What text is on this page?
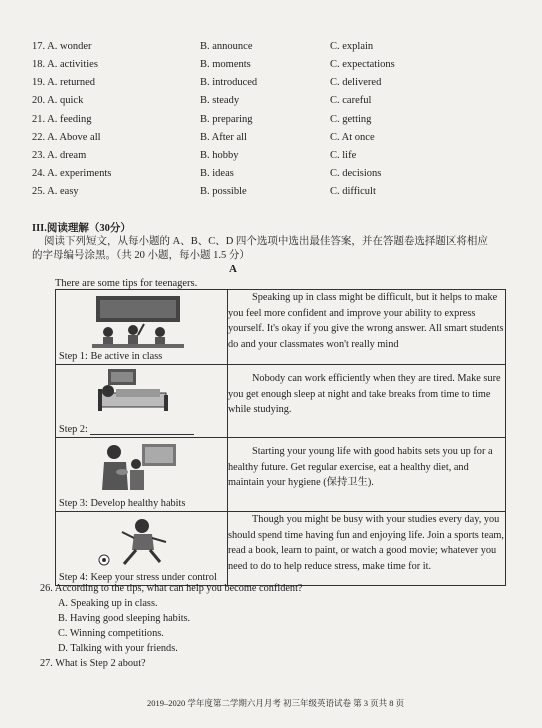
17. A. wonder	B. announce	C. explain
18. A. activities	B. moments	C. expectations
19. A. returned	B. introduced	C. delivered
20. A. quick	B. steady	C. careful
21. A. feeding	B. preparing	C. getting
22. A. Above all	B. After all	C. At once
23. A. dream	B. hobby	C. life
24. A. experiments	B. ideas	C. decisions
25. A. easy	B. possible	C. difficult
III.阅读理解（30分）
阅读下列短文，从每小题的 A、B、C、D 四个选项中选出最佳答案，并在答题卷选择题区将相应
的字母编号涂黑。（共 20 小题，每小题 1.5 分）
A
There are some tips for teenagers.
Step 1: Be active in class	Speaking up in class might be difficult, but it helps to make you feel more confident and improve your ability to express yourself. It's okay if you give the wrong answer. All smart students do and your classmates won't really mind

Step 2:	Nobody can work efficiently when they are tired. Make sure you get enough sleep at night and take breaks from time to time while studying.

Step 3: Develop healthy habits	Starting your young life with good habits sets you up for a healthy future. Get regular exercise, eat a healthy diet, and maintain your hygiene (保持卫生).

Step 4: Keep your stress under control	Though you might be busy with your studies every day, you should spend time having fun and enjoying life. Join a sports team, read a book, learn to paint, or watch a good movie; whatever you need to do to help reduce stress, make time for it.
26. According to the tips, what can help you become confident?
A. Speaking up in class.
B. Having good sleeping habits.
C. Winning competitions.
D. Talking with your friends.
27. What is Step 2 about?
2019–2020 学年度第二学期六月月考 初三年级英语试卷 第 3 页共 8 页
